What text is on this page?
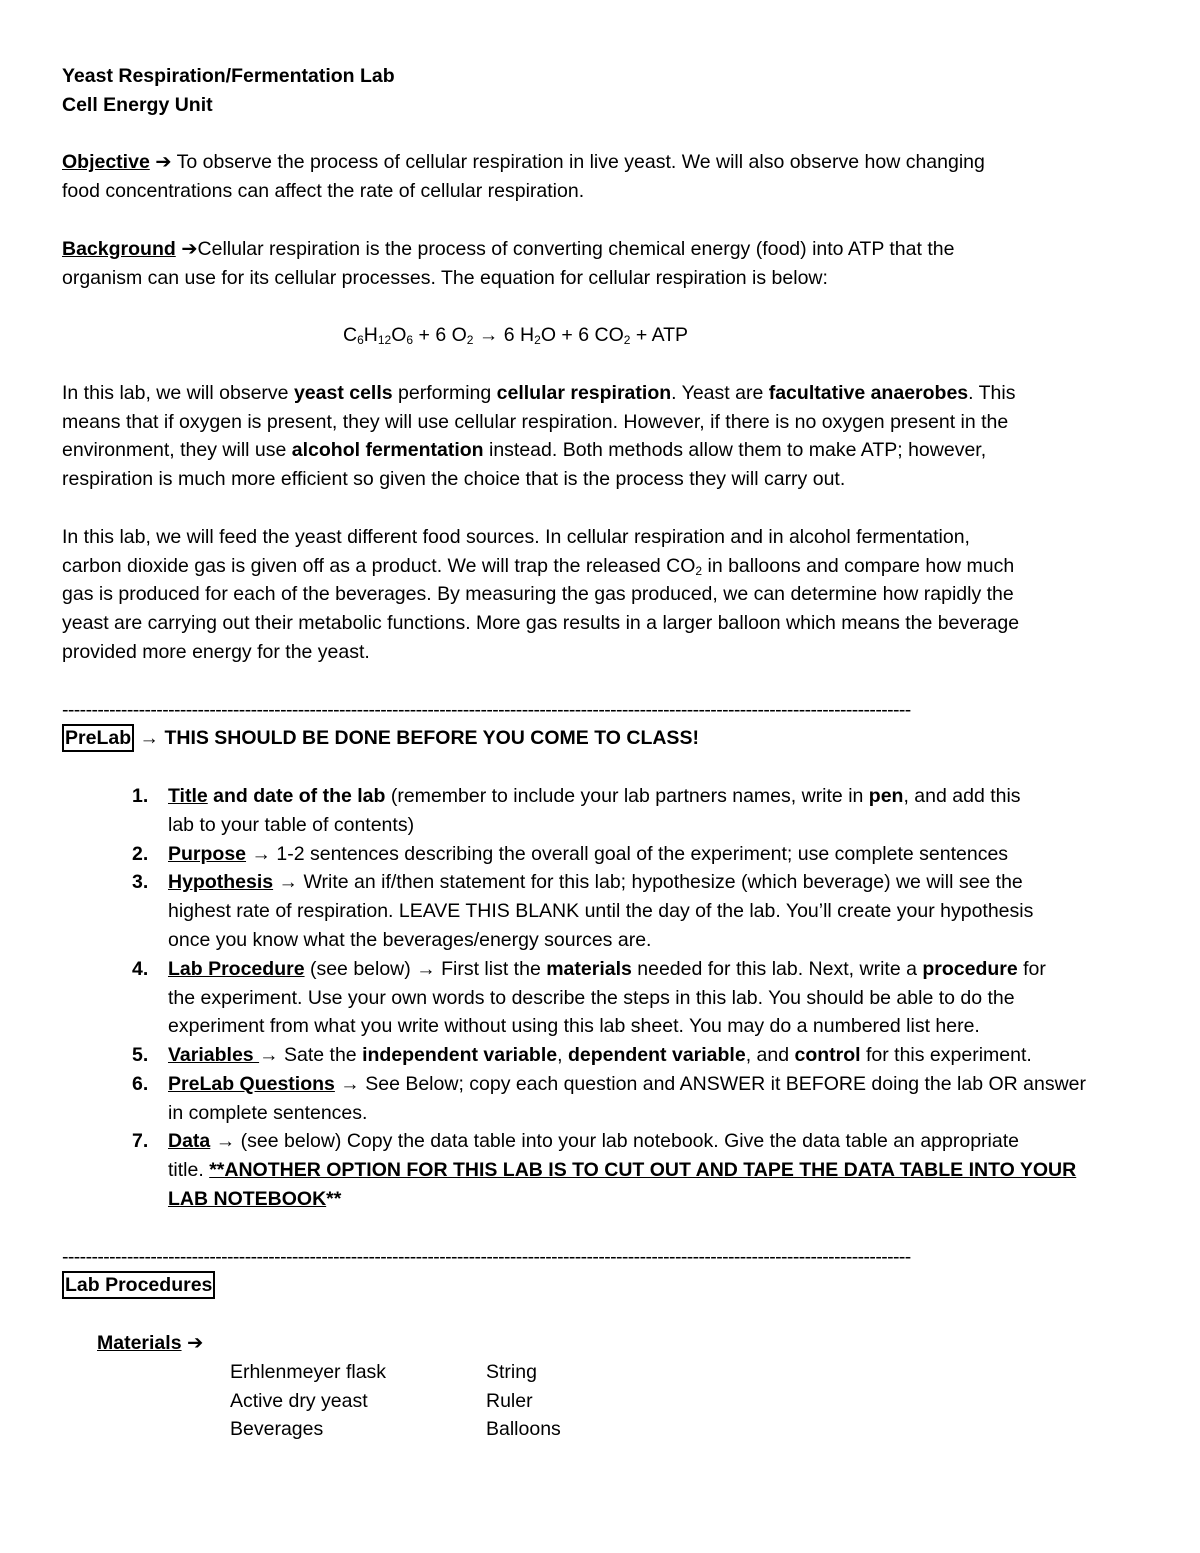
Yeast Respiration/Fermentation Lab
Cell Energy Unit
Objective ➔ To observe the process of cellular respiration in live yeast. We will also observe how changing
food concentrations can affect the rate of cellular respiration.
Background ➔Cellular respiration is the process of converting chemical energy (food) into ATP that the
organism can use for its cellular processes. The equation for cellular respiration is below:
$C_6H_{12}O_6 + 6$ $O_2 \to 6$ $H_2O + 6$ $CO_2$ + ATP
In this lab, we will observe yeast cells performing cellular respiration. Yeast are facultative anaerobes. This
means that if oxygen is present, they will use cellular respiration. However, if there is no oxygen present in the
environment, they will use alcohol fermentation instead. Both methods allow them to make ATP; however,
respiration is much more efficient so given the choice that is the process they will carry out.
In this lab, we will feed the yeast different food sources. In cellular respiration and in alcohol fermentation,
carbon dioxide gas is given off as a product. We will trap the released $CO_2$ in balloons and compare how much
gas is produced for each of the beverages. By measuring the gas produced, we can determine how rapidly the
yeast are carrying out their metabolic functions. More gas results in a larger balloon which means the beverage
provided more energy for the yeast.
------------------------------------------------------------------------------------------------------------------------------------------------
PreLab → THIS SHOULD BE DONE BEFORE YOU COME TO CLASS!
1. Title and date of the lab (remember to include your lab partners names, write in pen, and add this
lab to your table of contents)
2. Purpose → 1-2 sentences describing the overall goal of the experiment; use complete sentences
3. Hypothesis → Write an if/then statement for this lab; hypothesize (which beverage) we will see the
highest rate of respiration. LEAVE THIS BLANK until the day of the lab. You’ll create your hypothesis
once you know what the beverages/energy sources are.
4. Lab Procedure (see below) → First list the materials needed for this lab. Next, write a procedure for
the experiment. Use your own words to describe the steps in this lab. You should be able to do the
experiment from what you write without using this lab sheet. You may do a numbered list here.
5. Variables → Sate the independent variable, dependent variable, and control for this experiment.
6. PreLab Questions → See Below; copy each question and ANSWER it BEFORE doing the lab OR answer
in complete sentences.
7. Data → (see below) Copy the data table into your lab notebook. Give the data table an appropriate
title. **ANOTHER OPTION FOR THIS LAB IS TO CUT OUT AND TAPE THE DATA TABLE INTO YOUR
LAB NOTEBOOK**
------------------------------------------------------------------------------------------------------------------------------------------------
Lab Procedures
Materials ➔
Erhlenmeyer flask	String
Active dry yeast	Ruler
Beverages	Balloons
